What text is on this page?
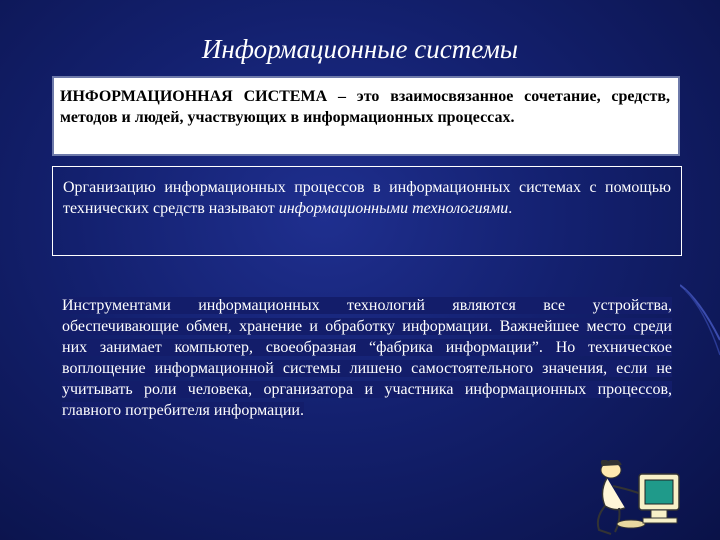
Информационные системы
ИНФОРМАЦИОННАЯ СИСТЕМА – это взаимосвязанное сочетание, средств, методов и людей, участвующих в информационных процессах.
Организацию информационных процессов в информационных системах с помощью технических средств называют информационными технологиями.
Инструментами информационных технологий являются все устройства, обеспечивающие обмен, хранение и обработку информации. Важнейшее место среди них занимает компьютер, своеобразная “фабрика информации”. Но техническое воплощение информационной системы лишено самостоятельного значения, если не учитывать роли человека, организатора и участника информационных процессов, главного потребителя информации.
